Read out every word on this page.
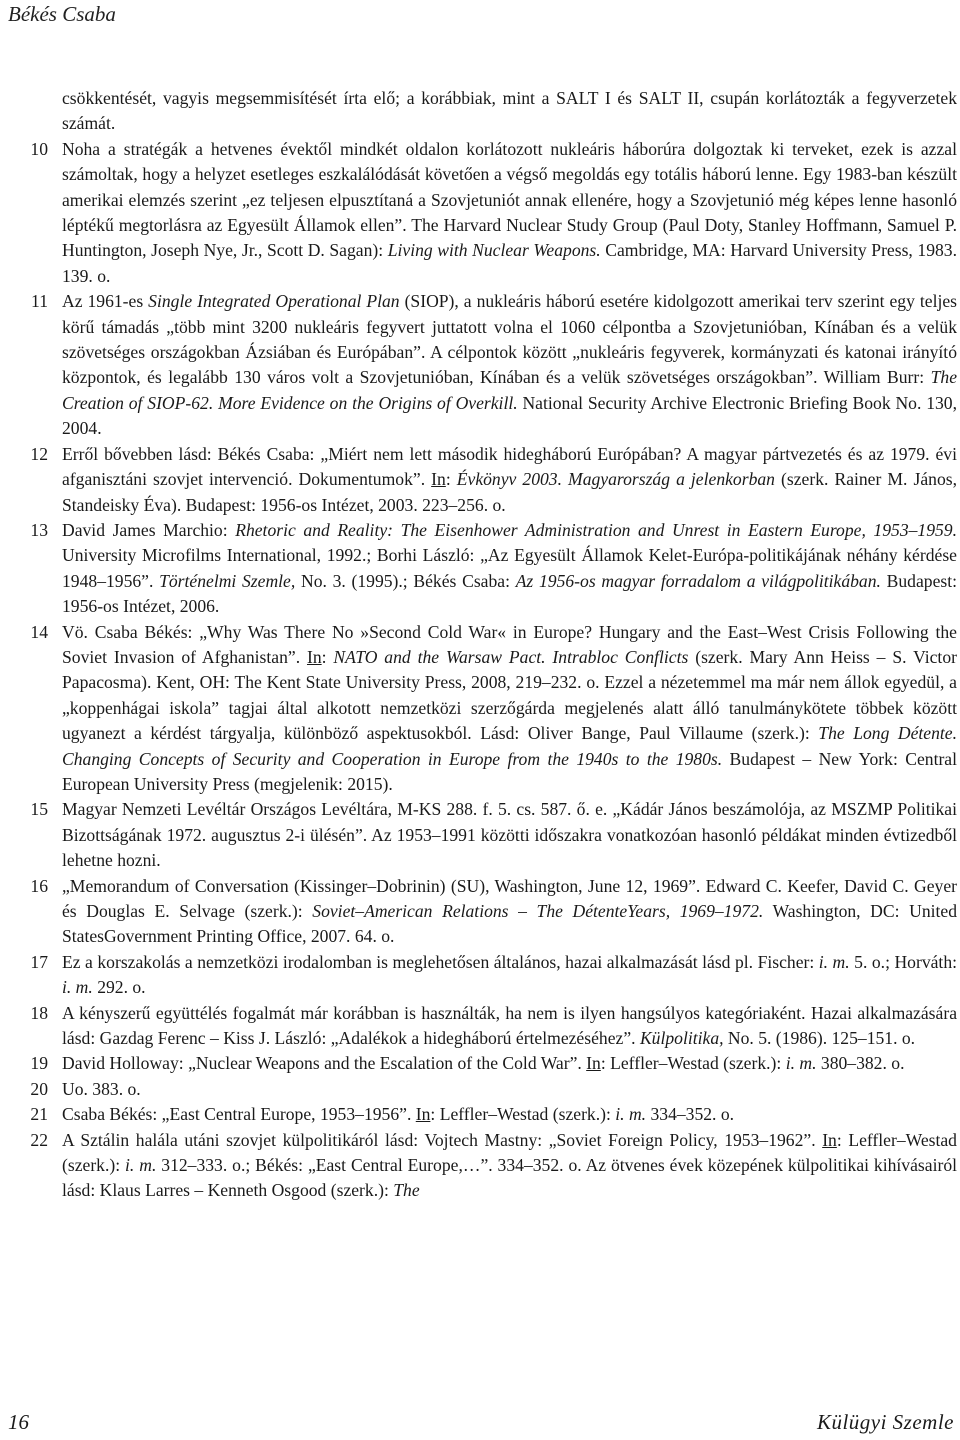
Békés Csaba

csökkentését, vagyis megsemmisítését írta elő; a korábbiak, mint a SALT I és SALT II, csupán korlátozták a fegyverzetek számát.

10 Noha a stratégák a hetvenes évektől mindkét oldalon korlátozott nukleáris háborúra dolgoztak ki terveket, ezek is azzal számoltak, hogy a helyzet esetleges eszkalálódását követően a végső megoldás egy totális háború lenne. Egy 1983-ban készült amerikai elemzés szerint „ez teljesen elpusztítaná a Szovjetuniót annak ellenére, hogy a Szovjetunió még képes lenne hasonló léptékű megtorlásra az Egyesült Államok ellen”. The Harvard Nuclear Study Group (Paul Doty, Stanley Hoffmann, Samuel P. Huntington, Joseph Nye, Jr., Scott D. Sagan): Living with Nuclear Weapons. Cambridge, MA: Harvard University Press, 1983. 139. o.

11 Az 1961-es Single Integrated Operational Plan (SIOP), a nukleáris háború esetére kidolgozott amerikai terv szerint egy teljes körű támadás „több mint 3200 nukleáris fegyvert juttatott volna el 1060 célpontba a Szovjetunióban, Kínában és a velük szövetséges országokban Ázsiában és Európában”. A célpontok között „nukleáris fegyverek, kormányzati és katonai irányító központok, és legalább 130 város volt a Szovjetunióban, Kínában és a velük szövetséges országokban”. William Burr: The Creation of SIOP-62. More Evidence on the Origins of Overkill. National Security Archive Electronic Briefing Book No. 130, 2004.

12 Erről bővebben lásd: Békés Csaba: „Miért nem lett második hidegháború Európában? A magyar pártvezetés és az 1979. évi afganisztáni szovjet intervenció. Dokumentumok”. In: Évkönyv 2003. Magyarország a jelenkorban (szerk. Rainer M. János, Standeisky Éva). Budapest: 1956-os Intézet, 2003. 223–256. o.

13 David James Marchio: Rhetoric and Reality: The Eisenhower Administration and Unrest in Eastern Europe, 1953–1959. University Microfilms International, 1992.; Borhi László: „Az Egyesült Államok Kelet-Európa-politikájának néhány kérdése 1948–1956”. Történelmi Szemle, No. 3. (1995).; Békés Csaba: Az 1956-os magyar forradalom a világpolitikában. Budapest: 1956-os Intézet, 2006.

14 Vö. Csaba Békés: „Why Was There No »Second Cold War« in Europe? Hungary and the East–West Crisis Following the Soviet Invasion of Afghanistan”. In: NATO and the Warsaw Pact. Intrabloc Conflicts (szerk. Mary Ann Heiss – S. Victor Papacosma). Kent, OH: The Kent State University Press, 2008, 219–232. o. Ezzel a nézetemmel ma már nem állok egyedül, a „koppenhágai iskola” tagjai által alkotott nemzetközi szerzőgárda megjelenés alatt álló tanulmánykötete többek között ugyanezt a kérdést tárgyalja, különböző aspektusokból. Lásd: Oliver Bange, Paul Villaume (szerk.): The Long Détente. Changing Concepts of Security and Cooperation in Europe from the 1940s to the 1980s. Budapest – New York: Central European University Press (megjelenik: 2015).

15 Magyar Nemzeti Levéltár Országos Levéltára, M-KS 288. f. 5. cs. 587. ő. e. „Kádár János beszámolója, az MSZMP Politikai Bizottságának 1972. augusztus 2-i ülésén”. Az 1953–1991 közötti időszakra vonatkozóan hasonló példákat minden évtizedből lehetne hozni.

16 „Memorandum of Conversation (Kissinger–Dobrinin) (SU), Washington, June 12, 1969”. Edward C. Keefer, David C. Geyer és Douglas E. Selvage (szerk.): Soviet–American Relations – The DétenteYears, 1969–1972. Washington, DC: United StatesGovernment Printing Office, 2007. 64. o.

17 Ez a korszakolás a nemzetközi irodalomban is meglehetősen általános, hazai alkalmazását lásd pl. Fischer: i. m. 5. o.; Horváth: i. m. 292. o.

18 A kényszerű együttélés fogalmát már korábban is használták, ha nem is ilyen hangsúlyos kategóriaként. Hazai alkalmazására lásd: Gazdag Ferenc – Kiss J. László: „Adalékok a hidegháború értelmezéséhez”. Külpolitika, No. 5. (1986). 125–151. o.

19 David Holloway: „Nuclear Weapons and the Escalation of the Cold War”. In: Leffler–Westad (szerk.): i. m. 380–382. o.

20 Uo. 383. o.

21 Csaba Békés: „East Central Europe, 1953–1956”. In: Leffler–Westad (szerk.): i. m. 334–352. o.

22 A Sztálin halála utáni szovjet külpolitikáról lásd: Vojtech Mastny: „Soviet Foreign Policy, 1953–1962”. In: Leffler–Westad (szerk.): i. m. 312–333. o.; Békés: „East Central Europe,…”. 334–352. o. Az ötvenes évek közepének külpolitikai kihívásairól lásd: Klaus Larres – Kenneth Osgood (szerk.): The

16	Külügyi Szemle
